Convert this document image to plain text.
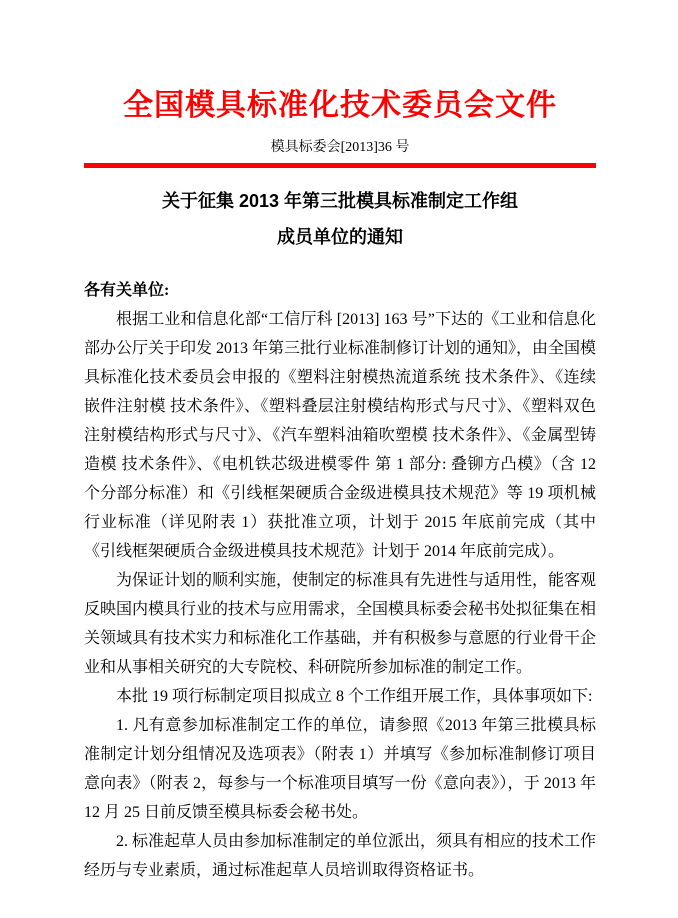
全国模具标准化技术委员会文件
模具标委会[2013]36 号
关于征集 2013 年第三批模具标准制定工作组
成员单位的通知
各有关单位:

根据工业和信息化部“工信厅科 [2013] 163 号”下达的《工业和信息化部办公厅关于印发 2013 年第三批行业标准制修订计划的通知》，由全国模具标准化技术委员会申报的《塑料注射模热流道系统 技术条件》、《连续嵌件注射模 技术条件》、《塑料叠层注射模结构形式与尺寸》、《塑料双色注射模结构形式与尺寸》、《汽车塑料油箱吹塑模 技术条件》、《金属型铸造模 技术条件》、《电机铁芯级进模零件 第 1 部分: 叠铆方凸模》（含 12 个分部分标准）和《引线框架硬质合金级进模具技术规范》等 19 项机械行业标准（详见附表 1）获批准立项，计划于 2015 年底前完成（其中《引线框架硬质合金级进模具技术规范》计划于 2014 年底前完成）。

为保证计划的顺利实施，使制定的标准具有先进性与适用性，能客观反映国内模具行业的技术与应用需求，全国模具标委会秘书处拟征集在相关领域具有技术实力和标准化工作基础，并有积极参与意愿的行业骨干企业和从事相关研究的大专院校、科研院所参加标准的制定工作。

本批 19 项行标制定项目拟成立 8 个工作组开展工作，具体事项如下:

1. 凡有意参加标准制定工作的单位，请参照《2013 年第三批模具标准制定计划分组情况及选项表》（附表 1）并填写《参加标准制修订项目意向表》（附表 2，每参与一个标准项目填写一份《意向表》），于 2013 年 12 月 25 日前反馈至模具标委会秘书处。

2. 标准起草人员由参加标准制定的单位派出，须具有相应的技术工作经历与专业素质，通过标准起草人员培训取得资格证书。
